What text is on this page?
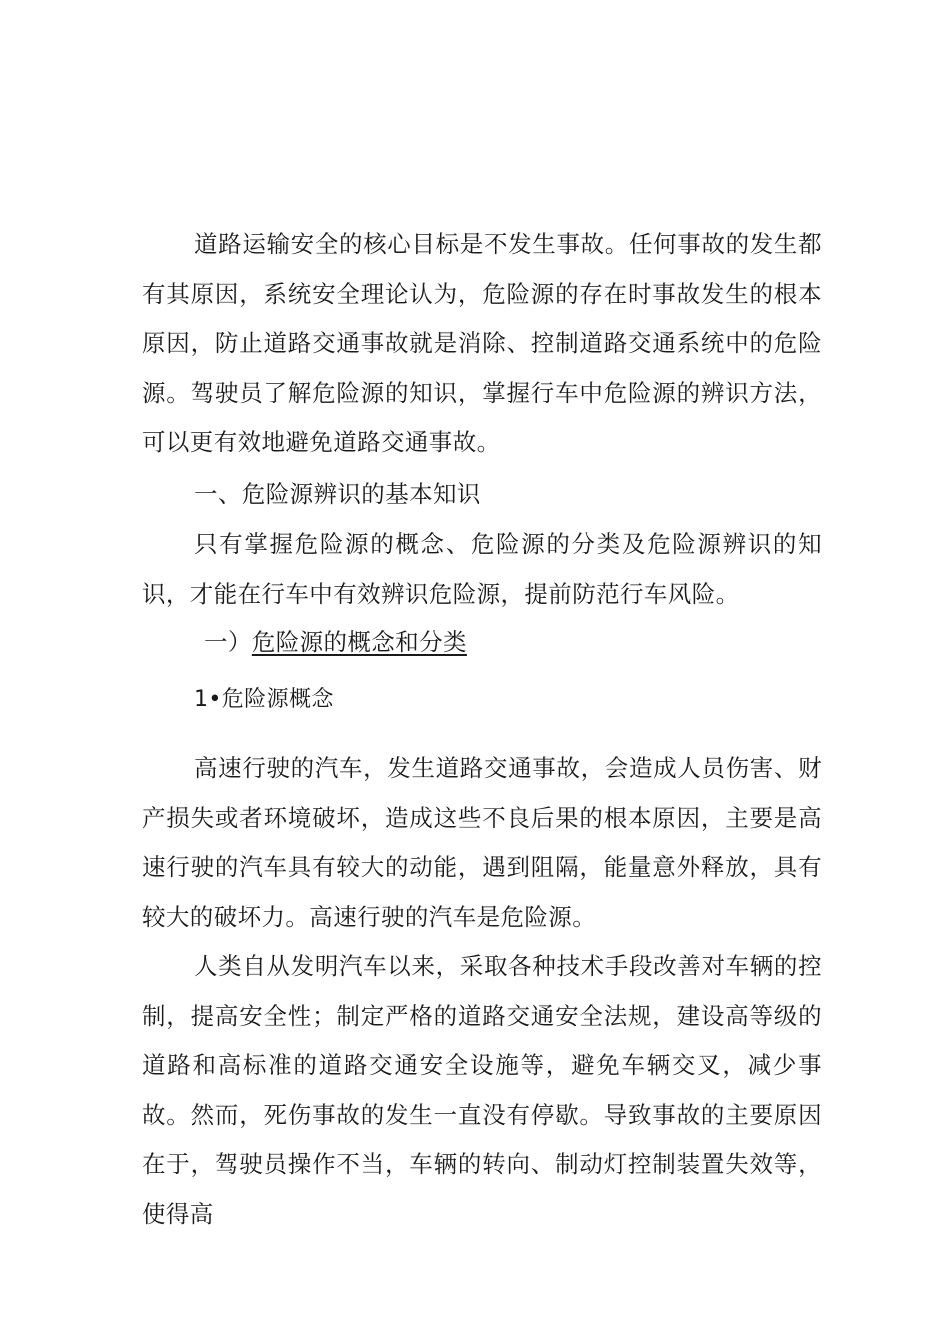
道路运输安全的核心目标是不发生事故。任何事故的发生都有其原因，系统安全理论认为，危险源的存在时事故发生的根本原因，防止道路交通事故就是消除、控制道路交通系统中的危险源。驾驶员了解危险源的知识，掌握行车中危险源的辨识方法，可以更有效地避免道路交通事故。

一、危险源辨识的基本知识

只有掌握危险源的概念、危险源的分类及危险源辨识的知识，才能在行车中有效辨识危险源，提前防范行车风险。

一）危险源的概念和分类

1•危险源概念

高速行驶的汽车，发生道路交通事故，会造成人员伤害、财产损失或者环境破坏，造成这些不良后果的根本原因，主要是高速行驶的汽车具有较大的动能，遇到阻隔，能量意外释放，具有较大的破坏力。高速行驶的汽车是危险源。

人类自从发明汽车以来，采取各种技术手段改善对车辆的控制，提高安全性；制定严格的道路交通安全法规，建设高等级的道路和高标准的道路交通安全设施等，避免车辆交叉，减少事故。然而，死伤事故的发生一直没有停歇。导致事故的主要原因在于，驾驶员操作不当，车辆的转向、制动灯控制装置失效等，使得高
